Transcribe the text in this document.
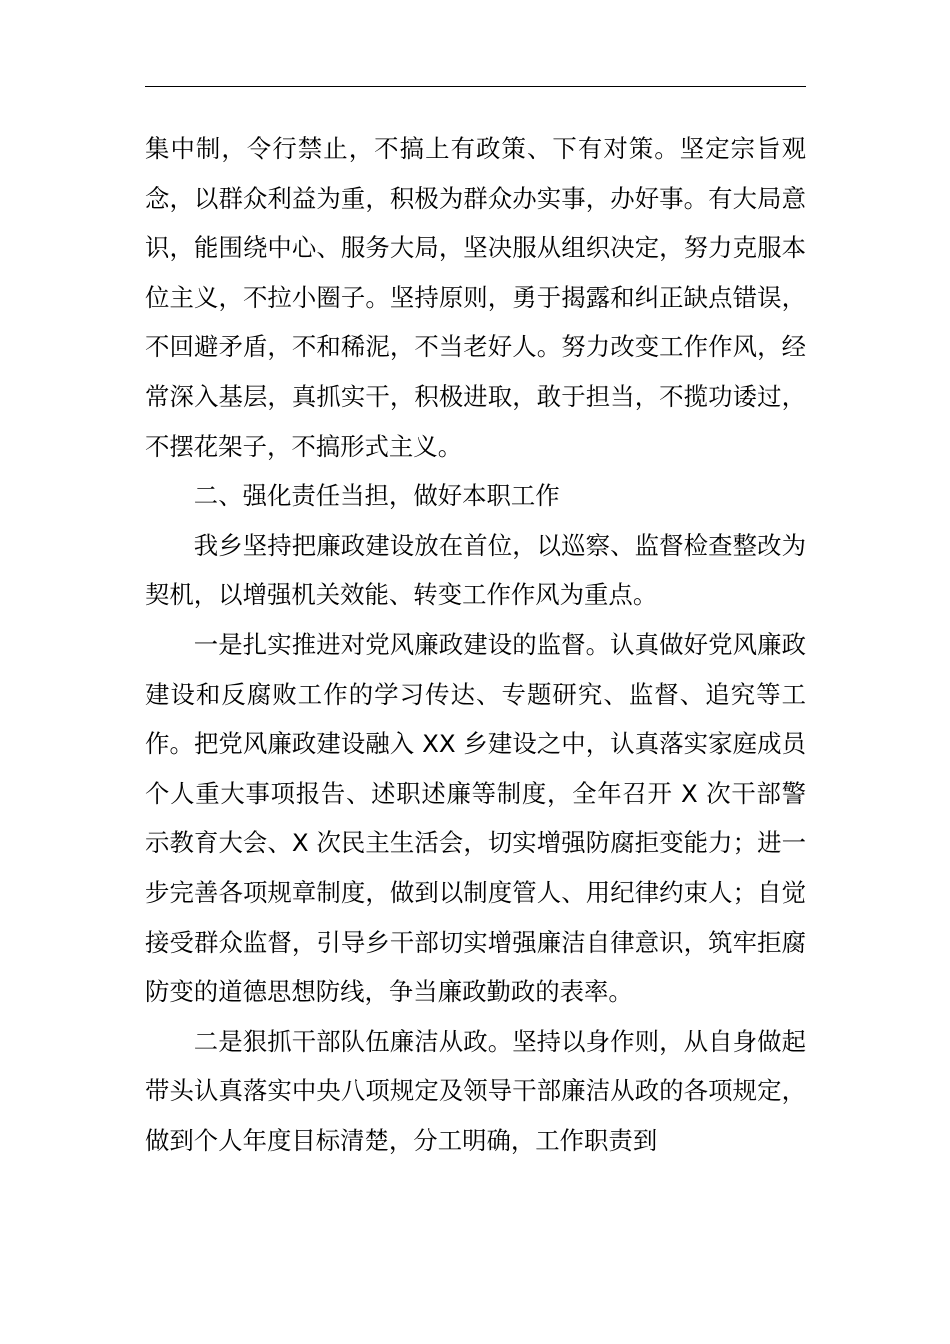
集中制，令行禁止，不搞上有政策、下有对策。坚定宗旨观念，以群众利益为重，积极为群众办实事，办好事。有大局意识，能围绕中心、服务大局，坚决服从组织决定，努力克服本位主义，不拉小圈子。坚持原则，勇于揭露和纠正缺点错误，不回避矛盾，不和稀泥，不当老好人。努力改变工作作风，经常深入基层，真抓实干，积极进取，敢于担当，不揽功诿过，不摆花架子，不搞形式主义。

二、强化责任当担，做好本职工作

我乡坚持把廉政建设放在首位，以巡察、监督检查整改为契机，以增强机关效能、转变工作作风为重点。

一是扎实推进对党风廉政建设的监督。认真做好党风廉政建设和反腐败工作的学习传达、专题研究、监督、追究等工作。把党风廉政建设融入 XX 乡建设之中，认真落实家庭成员个人重大事项报告、述职述廉等制度，全年召开 X 次干部警示教育大会、X 次民主生活会，切实增强防腐拒变能力；进一步完善各项规章制度，做到以制度管人、用纪律约束人；自觉接受群众监督，引导乡干部切实增强廉洁自律意识，筑牢拒腐防变的道德思想防线，争当廉政勤政的表率。

二是狠抓干部队伍廉洁从政。坚持以身作则，从自身做起带头认真落实中央八项规定及领导干部廉洁从政的各项规定，做到个人年度目标清楚，分工明确，工作职责到
